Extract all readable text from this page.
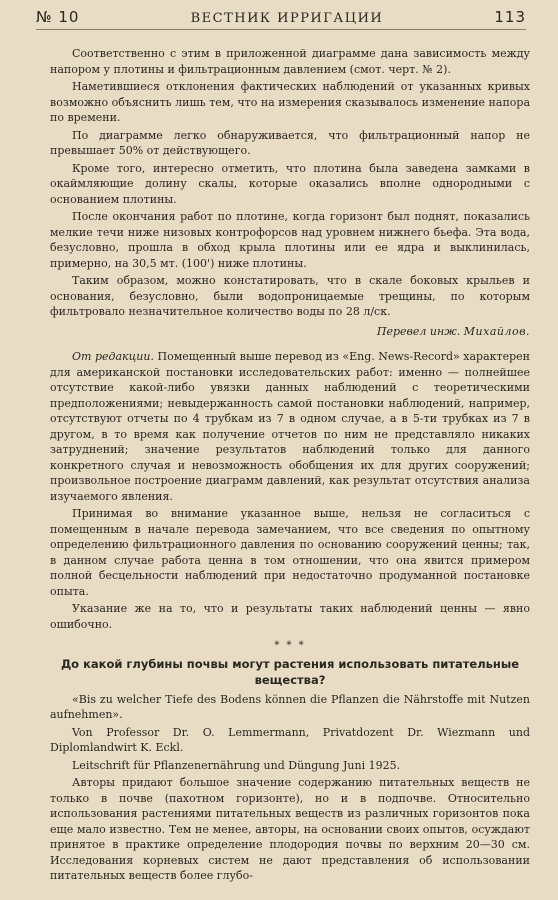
№ 10	ВЕСТНИК ИРРИГАЦИИ	113

Соответственно с этим в приложенной диаграмме дана зависимость между напором у плотины и фильтрационным давлением (смот. черт. № 2).

Наметившиеся отклонения фактических наблюдений от указанных кривых возможно объяснить лишь тем, что на измерения сказывалось изменение напора по времени.

По диаграмме легко обнаруживается, что фильтрационный напор не превышает 50% от действующего.

Кроме того, интересно отметить, что плотина была заведена замками в окаймляющие долину скалы, которые оказались вполне однородными с основанием плотины.

После окончания работ по плотине, когда горизонт был поднят, показались мелкие течи ниже низовых контрофорсов над уровнем нижнего бьефа. Эта вода, безусловно, прошла в обход крыла плотины или ее ядра и выклинилась, примерно, на 30,5 мт. (100') ниже плотины.

Таким образом, можно констатировать, что в скале боковых крыльев и основания, безусловно, были водопроницаемые трещины, по которым фильтровало незначительное количество воды по 28 л/ск.

Перевел инж. Михайлов.

От редакции. Помещенный выше перевод из «Eng. News-Record» характерен для американской постановки исследовательских работ: именно — полнейшее отсутствие какой-либо увязки данных наблюдений с теоретическими предположениями; невыдержанность самой постановки наблюдений, например, отсутствуют отчеты по 4 трубкам из 7 в одном случае, а в 5-ти трубках из 7 в другом, в то время как получение отчетов по ним не представляло никаких затруднений; значение результатов наблюдений только для данного конкретного случая и невозможность обобщения их для других сооружений; произвольное построение диаграмм давлений, как результат отсутствия анализа изучаемого явления.

Принимая во внимание указанное выше, нельзя не согласиться с помещенным в начале перевода замечанием, что все сведения по опытному определению фильтрационного давления по основанию сооружений ценны; так, в данном случае работа ценна в том отношении, что она явится примером полной бесцельности наблюдений при недостаточно продуманной постановке опыта.

Указание же на то, что и результаты таких наблюдений ценны — явно ошибочно.

* * *

До какой глубины почвы могут растения использовать питательные вещества?

«Bis zu welcher Tiefe des Bodens können die Pflanzen die Nährstoffe mit Nutzen aufnehmen».

Von Professor Dr. O. Lemmermann, Privatdozent Dr. Wiezmann und Diplomlandwirt K. Eckl.

Leitschrift für Pflanzenernährung und Düngung Juni 1925.

Авторы придают большое значение содержанию питательных веществ не только в почве (пахотном горизонте), но и в подпочве. Относительно использования растениями питательных веществ из различных горизонтов пока еще мало известно. Тем не менее, авторы, на основании своих опытов, осуждают принятое в практике определение плодородия почвы по верхним 20—30 см. Исследования корневых систем не дают представления об использовании питательных веществ более глубо-
